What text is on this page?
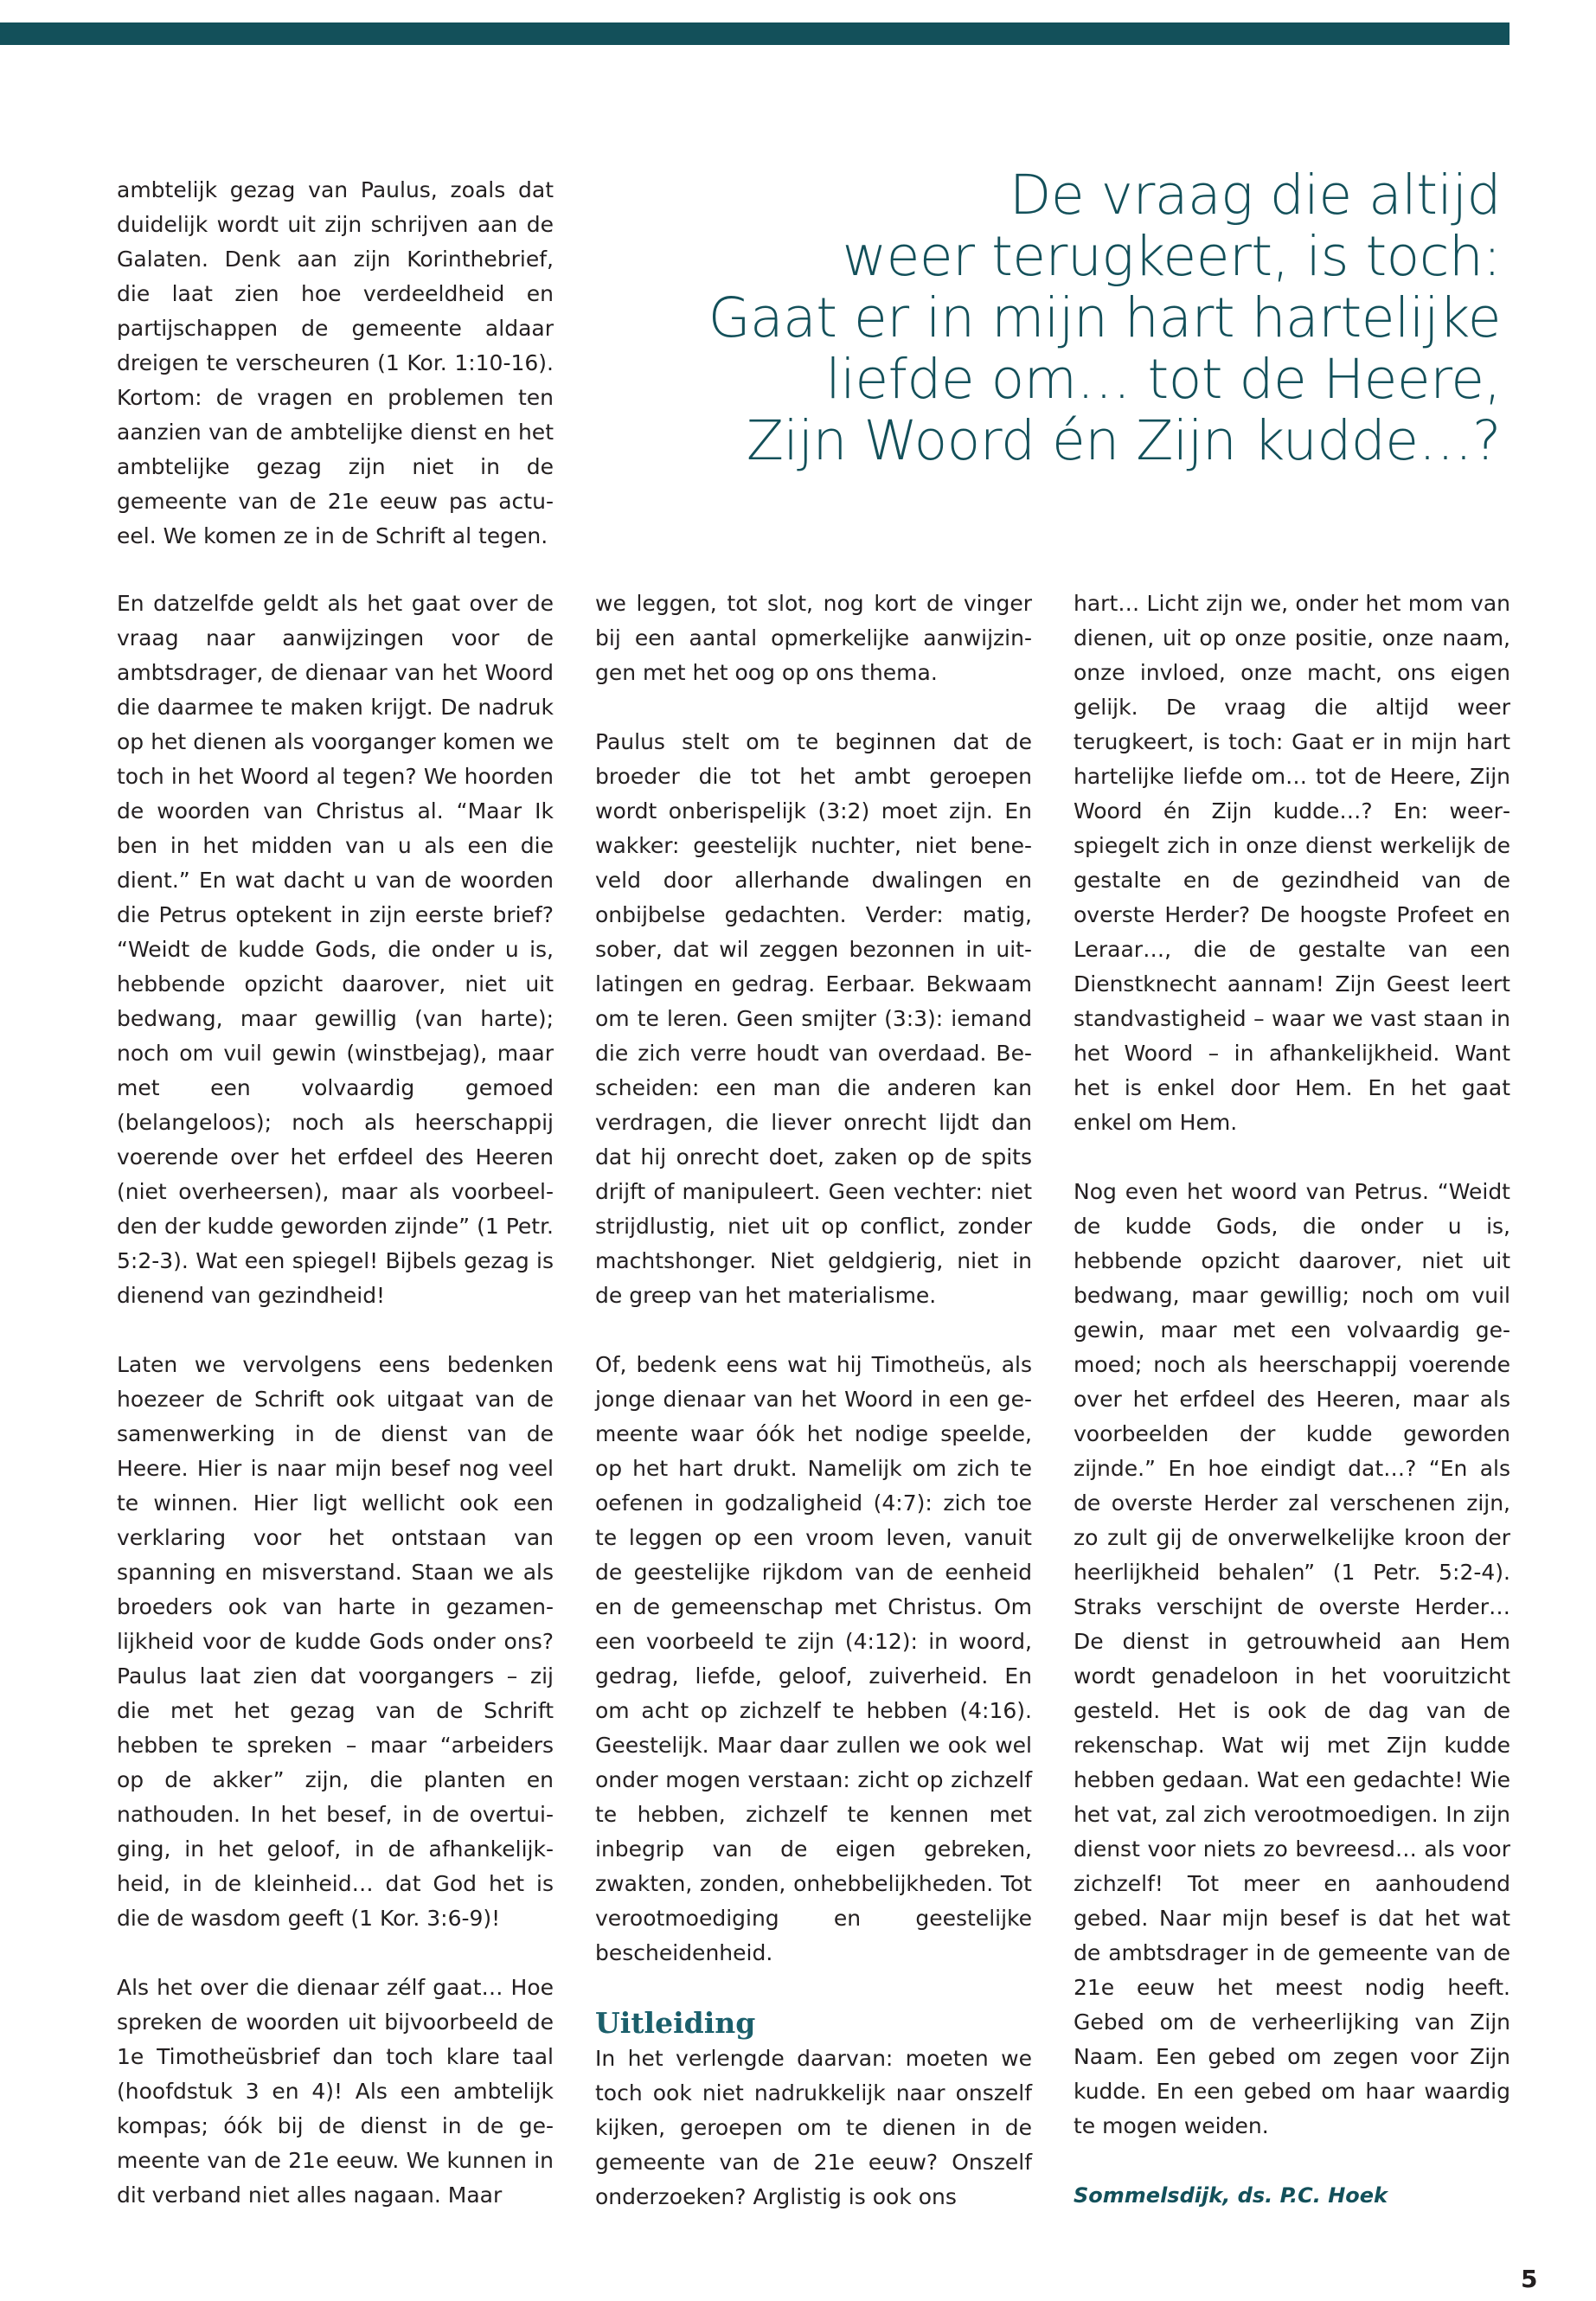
ambtelijk gezag van Paulus, zoals dat duidelijk wordt uit zijn schrijven aan de Galaten. Denk aan zijn Korinthebrief, die laat zien hoe verdeeldheid en partijschappen de gemeente aldaar dreigen te verscheuren (1 Kor. 1:10-16). Kortom: de vragen en problemen ten aanzien van de ambtelijke dienst en het ambtelijke gezag zijn niet in de gemeente van de 21e eeuw pas actueel. We komen ze in de Schrift al tegen.

De vraag die altijd
weer terugkeert, is toch:
Gaat er in mijn hart hartelijke
liefde om… tot de Heere,
Zijn Woord én Zijn kudde…?

En datzelfde geldt als het gaat over de vraag naar aanwijzingen voor de ambtsdrager, de dienaar van het Woord die daarmee te maken krijgt. De nadruk op het dienen als voorganger komen we toch in het Woord al tegen? We hoorden de woorden van Christus al. “Maar Ik ben in het midden van u als een die dient.” En wat dacht u van de woorden die Petrus optekent in zijn eerste brief? “Weidt de kudde Gods, die onder u is, hebbende opzicht daarover, niet uit bedwang, maar gewillig (van harte); noch om vuil gewin (winstbejag), maar met een volvaardig gemoed (belangeloos); noch als heerschappij voerende over het erfdeel des Heeren (niet overheersen), maar als voorbeelden der kudde geworden zijnde” (1 Petr. 5:2-3). Wat een spiegel! Bijbels gezag is dienend van gezindheid!

Laten we vervolgens eens bedenken hoezeer de Schrift ook uitgaat van de samenwerking in de dienst van de Heere. Hier is naar mijn besef nog veel te winnen. Hier ligt wellicht ook een verklaring voor het ontstaan van spanning en misverstand. Staan we als broeders ook van harte in gezamenlijkheid voor de kudde Gods onder ons? Paulus laat zien dat voorgangers – zij die met het gezag van de Schrift hebben te spreken – maar “arbeiders op de akker” zijn, die planten en nathouden. In het besef, in de overtuiging, in het geloof, in de afhankelijkheid, in de kleinheid… dat God het is die de wasdom geeft (1 Kor. 3:6-9)!

Als het over die dienaar zélf gaat… Hoe spreken de woorden uit bijvoorbeeld de 1e Timotheüsbrief dan toch klare taal (hoofdstuk 3 en 4)! Als een ambtelijk kompas; óók bij de dienst in de gemeente van de 21e eeuw. We kunnen in dit verband niet alles nagaan. Maar

we leggen, tot slot, nog kort de vinger bij een aantal opmerkelijke aanwijzingen met het oog op ons thema.

Paulus stelt om te beginnen dat de broeder die tot het ambt geroepen wordt onberispelijk (3:2) moet zijn. En wakker: geestelijk nuchter, niet beneveld door allerhande dwalingen en onbijbelse gedachten. Verder: matig, sober, dat wil zeggen bezonnen in uitlatingen en gedrag. Eerbaar. Bekwaam om te leren. Geen smijter (3:3): iemand die zich verre houdt van overdaad. Bescheiden: een man die anderen kan verdragen, die liever onrecht lijdt dan dat hij onrecht doet, zaken op de spits drijft of manipuleert. Geen vechter: niet strijdlustig, niet uit op conflict, zonder machtshonger. Niet geldgierig, niet in de greep van het materialisme.

Of, bedenk eens wat hij Timotheüs, als jonge dienaar van het Woord in een gemeente waar óók het nodige speelde, op het hart drukt. Namelijk om zich te oefenen in godzaligheid (4:7): zich toe te leggen op een vroom leven, vanuit de geestelijke rijkdom van de eenheid en de gemeenschap met Christus. Om een voorbeeld te zijn (4:12): in woord, gedrag, liefde, geloof, zuiverheid. En om acht op zichzelf te hebben (4:16). Geestelijk. Maar daar zullen we ook wel onder mogen verstaan: zicht op zichzelf te hebben, zichzelf te kennen met inbegrip van de eigen gebreken, zwakten, zonden, onhebbelijkheden. Tot verootmoediging en geestelijke bescheidenheid.

Uitleiding

In het verlengde daarvan: moeten we toch ook niet nadrukkelijk naar onszelf kijken, geroepen om te dienen in de gemeente van de 21e eeuw? Onszelf onderzoeken? Arglistig is ook ons

hart… Licht zijn we, onder het mom van dienen, uit op onze positie, onze naam, onze invloed, onze macht, ons eigen gelijk. De vraag die altijd weer terugkeert, is toch: Gaat er in mijn hart hartelijke liefde om… tot de Heere, Zijn Woord én Zijn kudde…? En: weerspiegelt zich in onze dienst werkelijk de gestalte en de gezindheid van de overste Herder? De hoogste Profeet en Leraar…, die de gestalte van een Dienstknecht aannam! Zijn Geest leert standvastigheid – waar we vast staan in het Woord – in afhankelijkheid. Want het is enkel door Hem. En het gaat enkel om Hem.

Nog even het woord van Petrus. “Weidt de kudde Gods, die onder u is, hebbende opzicht daarover, niet uit bedwang, maar gewillig; noch om vuil gewin, maar met een volvaardig gemoed; noch als heerschappij voerende over het erfdeel des Heeren, maar als voorbeelden der kudde geworden zijnde.” En hoe eindigt dat…? “En als de overste Herder zal verschenen zijn, zo zult gij de onverwelkelijke kroon der heerlijkheid behalen” (1 Petr. 5:2-4). Straks verschijnt de overste Herder… De dienst in getrouwheid aan Hem wordt genadeloon in het vooruitzicht gesteld. Het is ook de dag van de rekenschap. Wat wij met Zijn kudde hebben gedaan. Wat een gedachte! Wie het vat, zal zich verootmoedigen. In zijn dienst voor niets zo bevreesd… als voor zichzelf! Tot meer en aanhoudend gebed. Naar mijn besef is dat het wat de ambtsdrager in de gemeente van de 21e eeuw het meest nodig heeft. Gebed om de verheerlijking van Zijn Naam. Een gebed om zegen voor Zijn kudde. En een gebed om haar waardig te mogen weiden.

Sommelsdijk, ds. P.C. Hoek

5
